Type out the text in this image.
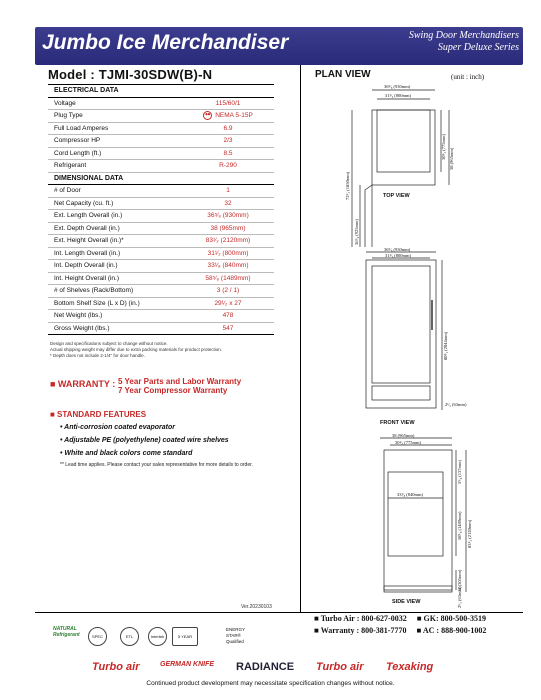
Jumbo Ice Merchandiser	Swing Door Merchandisers
Super Deluxe Series
Model : TJMI-30SDW(B)-N
ELECTRICAL DATA	
Voltage	115/60/1
Plug Type	⦁⦁ NEMA 5-15P
Full Load Amperes	6.9
Compressor HP	2/3
Cord Length (ft.)	8.5
Refrigerant	R-290
DIMENSIONAL DATA	
# of Door	1
Net Capacity (cu. ft.)	32
Ext. Length Overall (in.)	36⁵⁄₈ (930mm)
Ext. Depth Overall (in.)	38 (965mm)
Ext. Height Overall (in.)*	83¹⁄₂ (2120mm)
Int. Length Overall (in.)	31¹⁄₂ (800mm)
Int. Depth Overall (in.)	33¹⁄₈ (840mm)
Int. Height Overall (in.)	58⁵⁄₈ (1489mm)
# of Shelves (Rack/Bottom)	3 (2 / 1)
Bottom Shelf Size (L x D) (in.)	29¹⁄₂ x 27
Net Weight (lbs.)	478
Gross Weight (lbs.)	547
Design and specifications subject to change without notice.
Actual shipping weight may differ due to extra packing materials for product protection.
* Depth does not include 2-1/4" for door handle.
■ WARRANTY : 5 Year Parts and Labor Warranty
7 Year Compressor Warranty
■ STANDARD FEATURES
• Anti-corrosion coated evaporator
• Adjustable PE (polyethylene) coated wire shelves
• White and black colors come standard
** Lead time applies. Please contact your sales representative for more details to order.
Ver.20230103
PLAN VIEW	(unit : inch)
36⁵⁄₈ (930mm)
31¹⁄₂ (800mm)
30¹⁄₂ (775mm) 38 (965mm)
72³⁄₄ (1850mm)
36³⁄₈ (925mm)
36⁵⁄₈ (930mm)
31¹⁄₂ (800mm)
80¹⁄₂ (2044mm)
2¹⁄₂ (63mm)
38 (965mm)
30¹⁄₂ (775mm)
33¹⁄₈ (840mm)
5⁵⁄₈ (137mm)
58⁵⁄₈ (1489mm) 83¹⁄₂ (2120mm)
12 (305mm)
2¹⁄₂ (63mm)
TOP VIEW
FRONT VIEW
SIDE VIEW
NATURAL Refrigerant	SPEC	ETL	Intertek	5 YEAR
ENERGY STAR® Qualified
■ Turbo Air : 800-627-0032 ■ GK: 800-500-3519
■ Warranty : 800-381-7770 ■ AC : 888-900-1002
Turbo air	GERMAN KNIFE RADIANCE Turbo air Texaking
Continued product development may necessitate specification changes without notice.
